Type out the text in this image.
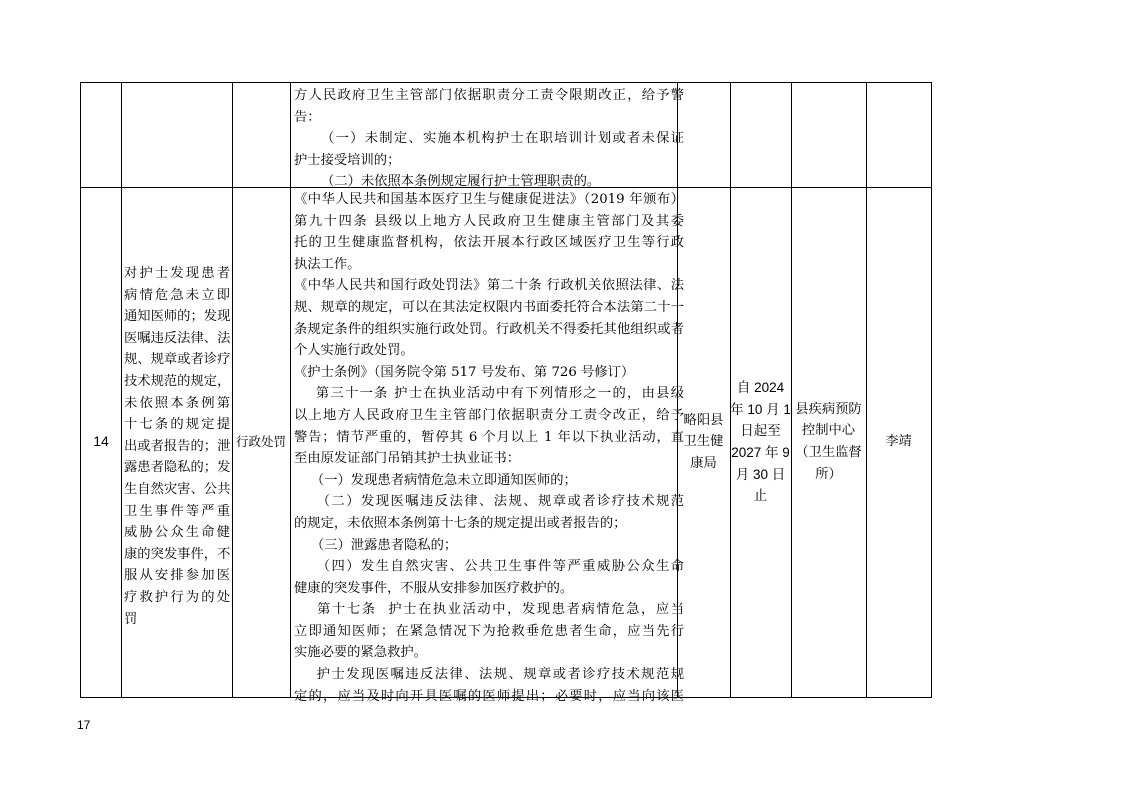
方人民政府卫生主管部门依据职责分工责令限期改正，给予警
告：
（一）未制定、实施本机构护士在职培训计划或者未保证
护士接受培训的；
（二）未依照本条例规定履行护士管理职责的。
14
对护士发现患者
病情危急未立即
通知医师的；发现
医嘱违反法律、法
规、规章或者诊疗
技术规范的规定，
未依照本条例第
十七条的规定提
出或者报告的；泄
露患者隐私的；发
生自然灾害、公共
卫生事件等严重
威胁公众生命健
康的突发事件，不
服从安排参加医
疗救护行为的处
罚
行政处罚
《中华人民共和国基本医疗卫生与健康促进法》（2019 年颁布）
第九十四条 县级以上地方人民政府卫生健康主管部门及其委
托的卫生健康监督机构，依法开展本行政区域医疗卫生等行政
执法工作。
《中华人民共和国行政处罚法》第二十条 行政机关依照法律、法
规、规章的规定，可以在其法定权限内书面委托符合本法第二十一
条规定条件的组织实施行政处罚。行政机关不得委托其他组织或者
个人实施行政处罚。
《护士条例》（国务院令第 517 号发布、第 726 号修订）
第三十一条 护士在执业活动中有下列情形之一的，由县级
以上地方人民政府卫生主管部门依据职责分工责令改正，给予
警告；情节严重的，暂停其 6 个月以上 1 年以下执业活动，直
至由原发证部门吊销其护士执业证书：
（一）发现患者病情危急未立即通知医师的；
（二）发现医嘱违反法律、法规、规章或者诊疗技术规范
的规定，未依照本条例第十七条的规定提出或者报告的；
（三）泄露患者隐私的；
（四）发生自然灾害、公共卫生事件等严重威胁公众生命
健康的突发事件，不服从安排参加医疗救护的。
第十七条  护士在执业活动中，发现患者病情危急，应当
立即通知医师；在紧急情况下为抢救垂危患者生命，应当先行
实施必要的紧急救护。
护士发现医嘱违反法律、法规、规章或者诊疗技术规范规
定的，应当及时向开具医嘱的医师提出；必要时，应当向该医
略阳县
卫生健
康局
自 2024
年 10 月 1
日起至
2027 年 9
月 30 日
止
县疾病预防
控制中心
（卫生监督
所）
李靖
17
